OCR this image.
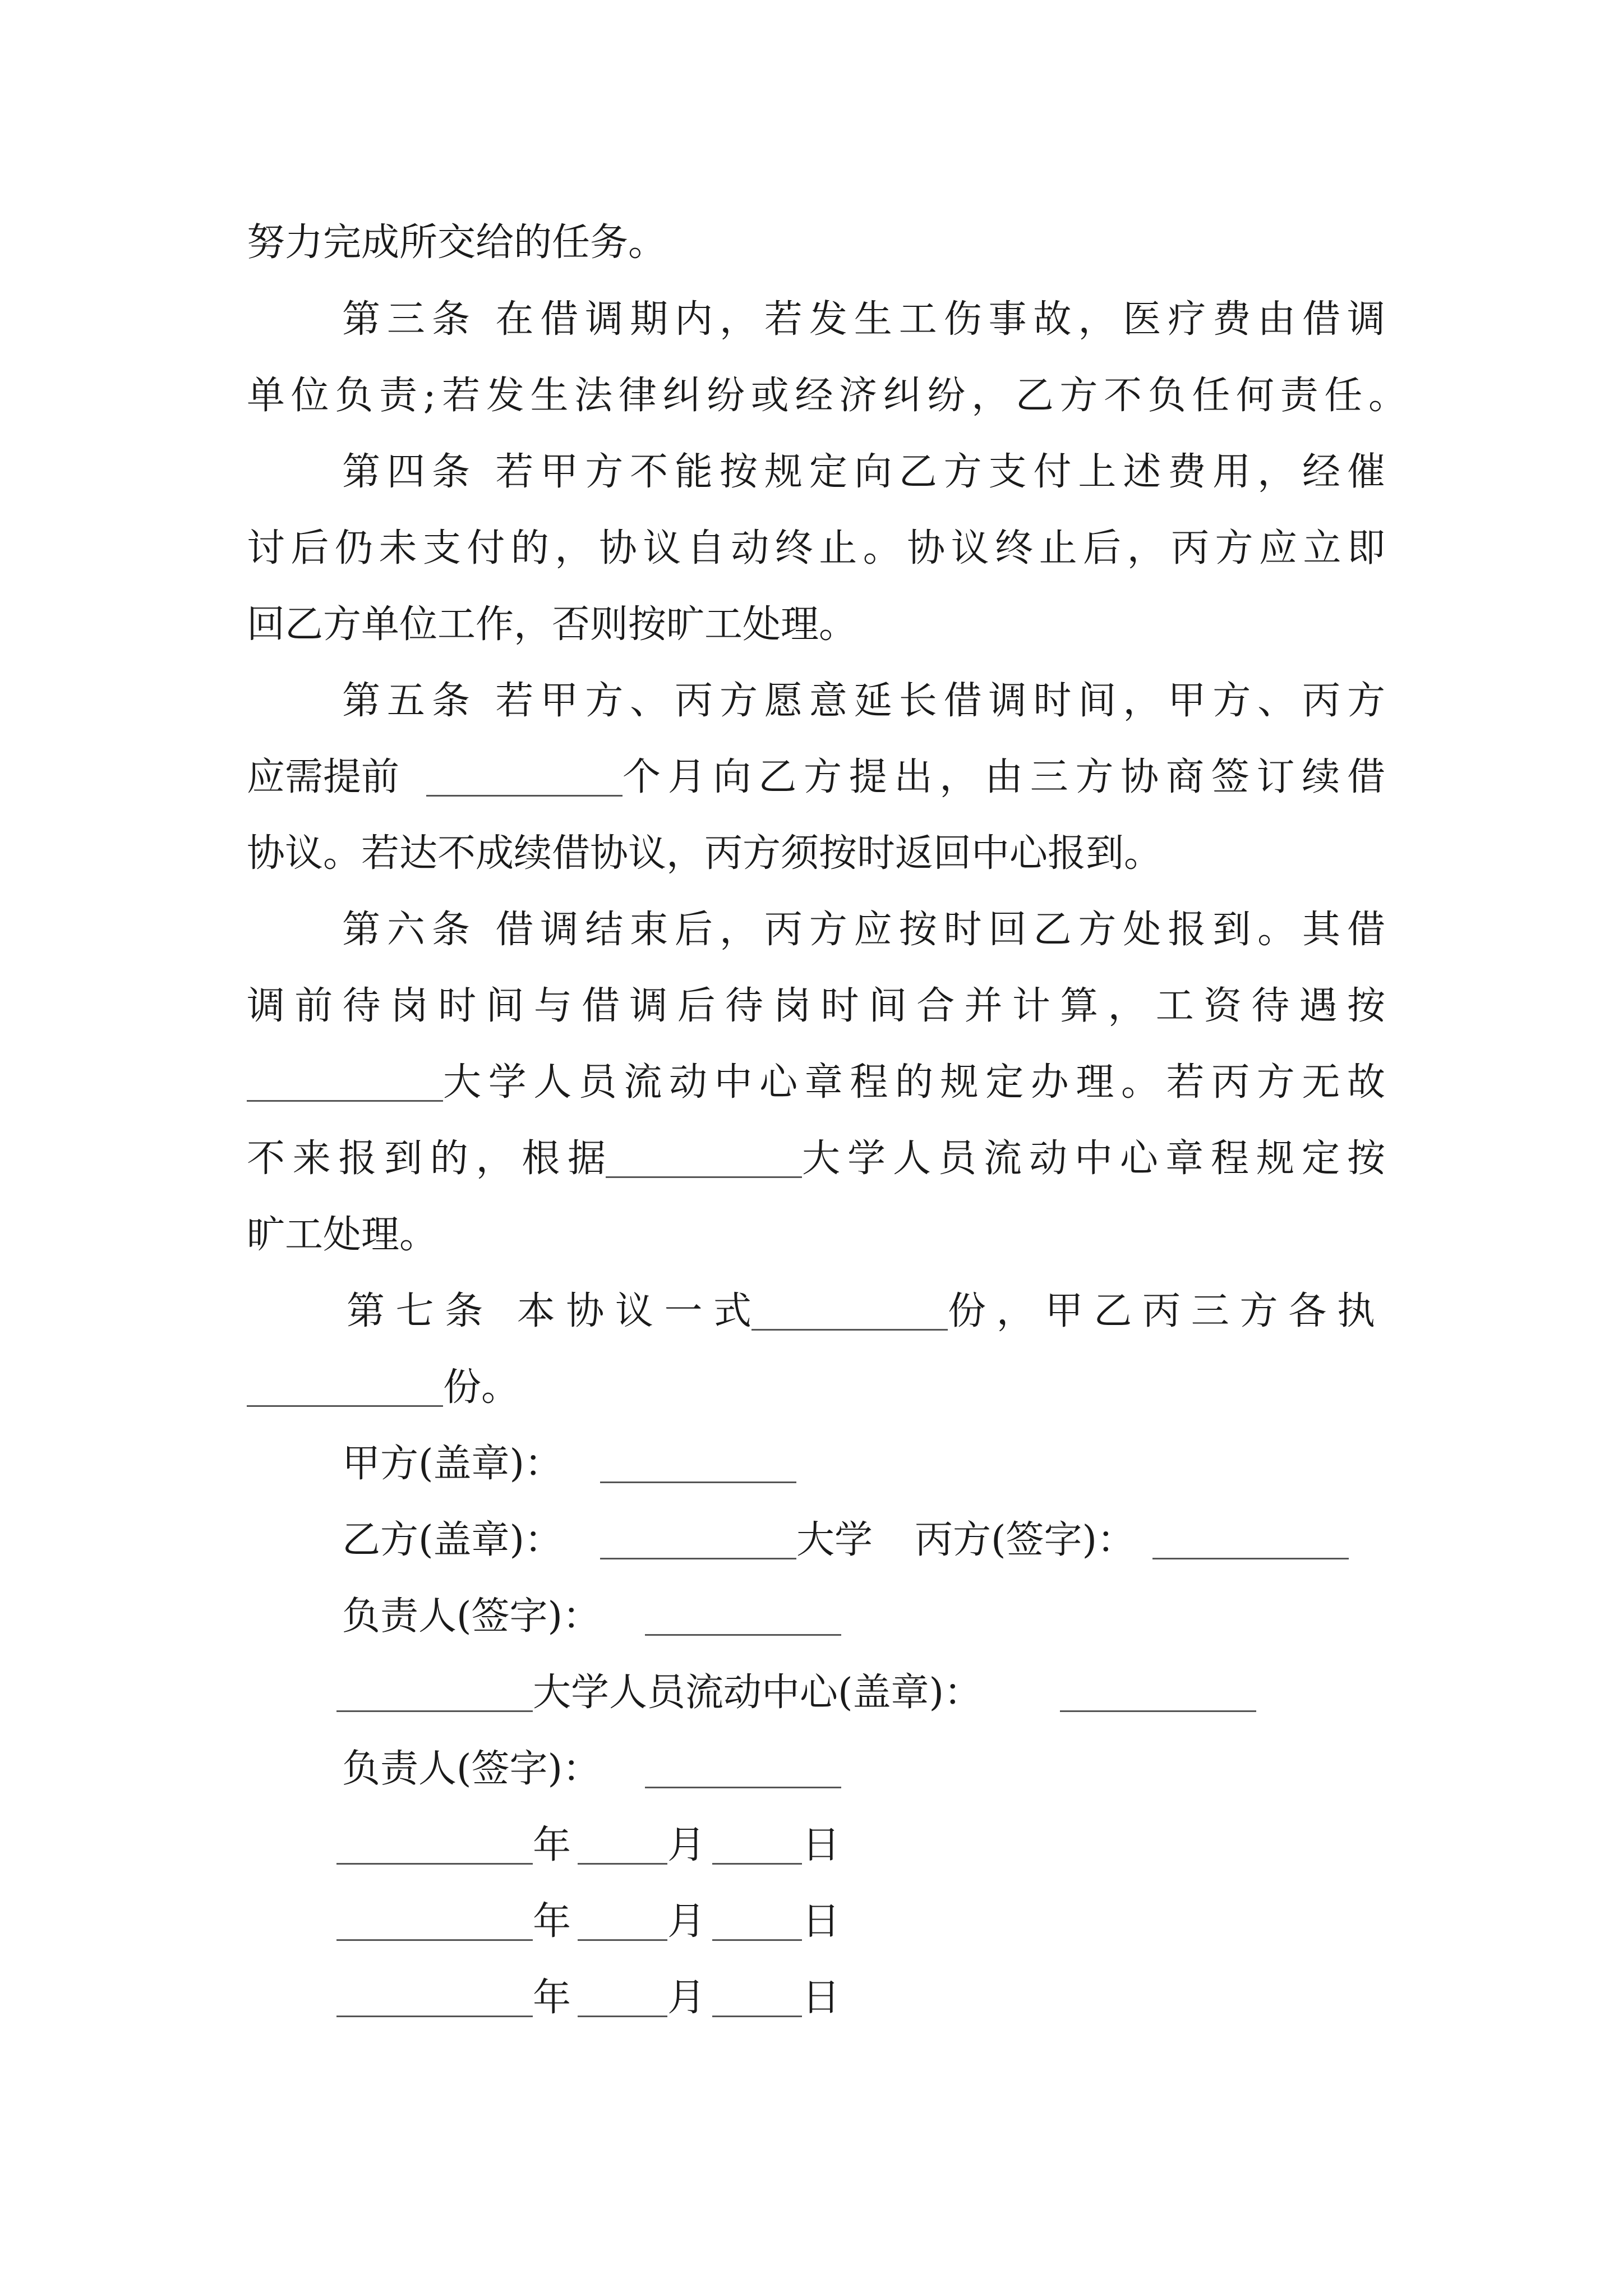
努力完成所交给的任务。
第三条 在借调期内，若发生工伤事故，医疗费由借调
单位负责;若发生法律纠纷或经济纠纷，乙方不负任何责任。
第四条 若甲方不能按规定向乙方支付上述费用，经催
讨后仍未支付的，协议自动终止。协议终止后，丙方应立即
回乙方单位工作，否则按旷工处理。
第五条 若甲方、丙方愿意延长借调时间，甲方、丙方
应需提前	个月向乙方提出，由三方协商签订续借
协议。若达不成续借协议，丙方须按时返回中心报到。
第六条 借调结束后，丙方应按时回乙方处报到。其借
调前待岗时间与借调后待岗时间合并计算，工资待遇按
大学人员流动中心章程的规定办理。若丙方无故
不来报到的，根据	大学人员流动中心章程规定按
旷工处理。
第七条 本协议一式	份，甲乙丙三方各执
份。
甲方(盖章)：
乙方(盖章)：	大学 丙方(签字)：
负责人(签字)：
大学人员流动中心(盖章)：
负责人(签字)：
年	月	日
年	月	日
年	月	日
